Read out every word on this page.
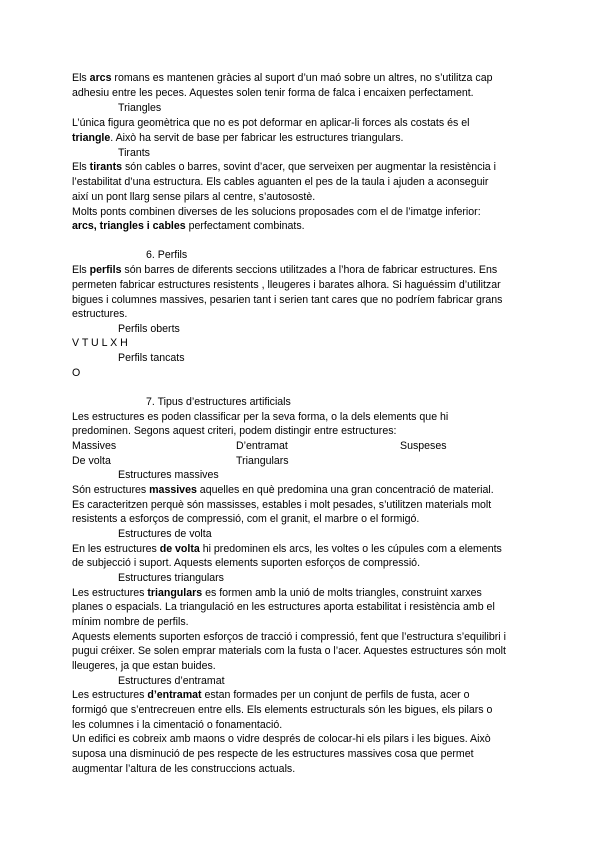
Els arcs romans es mantenen gràcies al suport d’un maó sobre un altres, no s’utilitza cap
adhesiu entre les peces. Aquestes solen tenir forma de falca i encaixen perfectament.
Triangles
L’única figura geomètrica que no es pot deformar en aplicar-li forces als costats és el
triangle. Això ha servit de base per fabricar les estructures triangulars.
Tirants
Els tirants són cables o barres, sovint d’acer, que serveixen per augmentar la resistència i
l’estabilitat d’una estructura. Els cables aguanten el pes de la taula i ajuden a aconseguir
així un pont llarg sense pilars al centre, s’autosostè.
Molts ponts combinen diverses de les solucions proposades com el de l’imatge inferior:
arcs, triangles i cables perfectament combinats.
6. Perfils
Els perfils són barres de diferents seccions utilitzades a l’hora de fabricar estructures. Ens
permeten fabricar estructures resistents , lleugeres i barates alhora. Si haguéssim d’utilitzar
bigues i columnes massives, pesarien tant i serien tant cares que no podríem fabricar grans
estructures.
Perfils oberts
V T U L X H
Perfils tancats
O
7. Tipus d’estructures artificials
Les estructures es poden classificar per la seva forma, o la dels elements que hi
predominen. Segons aquest criteri, podem distingir entre estructures:
Massives	D’entramat	Suspeses
De volta	Triangulars
Estructures massives
Són estructures massives aquelles en què predomina una gran concentració de material.
Es caracteritzen perquè són massisses, estables i molt pesades, s’utilitzen materials molt
resistents a esforços de compressió, com el granit, el marbre o el formigó.
Estructures de volta
En les estructures de volta hi predominen els arcs, les voltes o les cúpules com a elements
de subjecció i suport. Aquests elements suporten esforços de compressió.
Estructures triangulars
Les estructures triangulars es formen amb la unió de molts triangles, construint xarxes
planes o espacials. La triangulació en les estructures aporta estabilitat i resistència amb el
mínim nombre de perfils.
Aquests elements suporten esforços de tracció i compressió, fent que l’estructura s’equilibri i
pugui créixer. Se solen emprar materials com la fusta o l’acer. Aquestes estructures són molt
lleugeres, ja que estan buides.
Estructures d’entramat
Les estructures d’entramat estan formades per un conjunt de perfils de fusta, acer o
formigó que s’entrecreuen entre ells. Els elements estructurals són les bigues, els pilars o
les columnes i la cimentació o fonamentació.
Un edifici es cobreix amb maons o vidre després de colocar-hi els pilars i les bigues. Això
suposa una disminució de pes respecte de les estructures massives cosa que permet
augmentar l’altura de les construccions actuals.
